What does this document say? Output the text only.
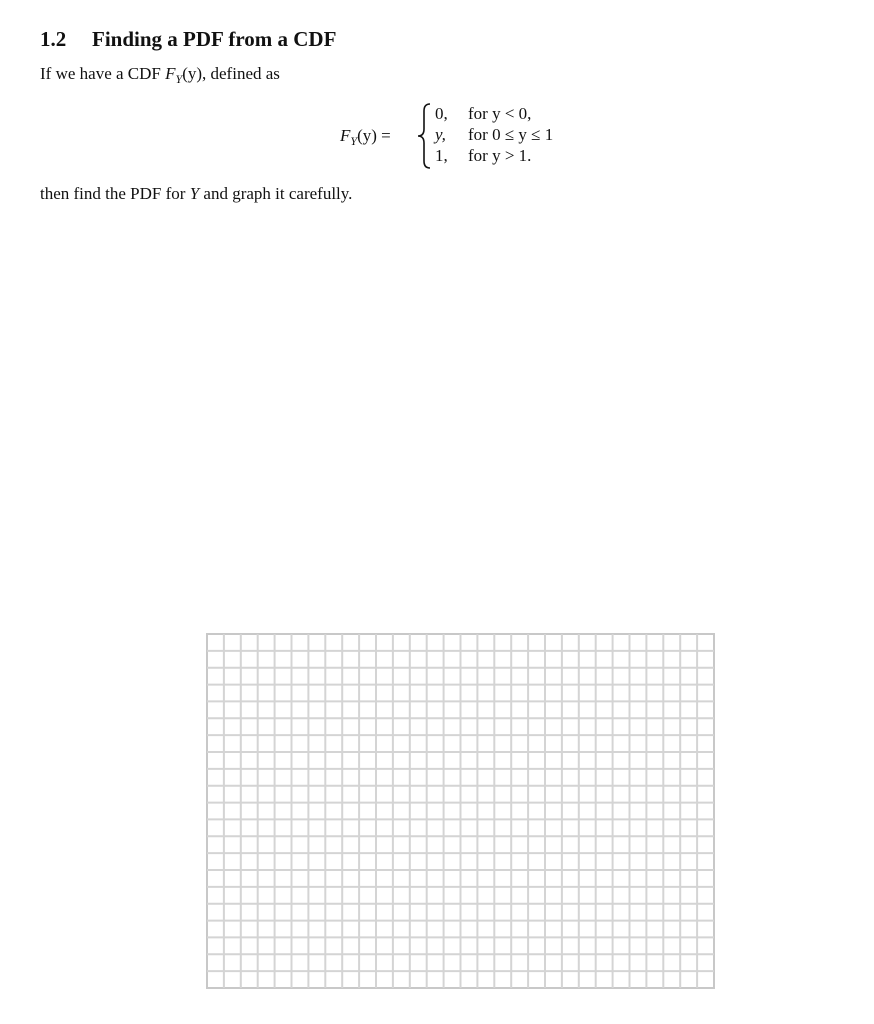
1.2 Finding a PDF from a CDF
If we have a CDF $F_Y(y)$, defined as
$F_Y(y)$ =
0,	for y < 0,
y,	for 0 ≤ y ≤ 1
1,	for y > 1.
then find the PDF for Y and graph it carefully.
